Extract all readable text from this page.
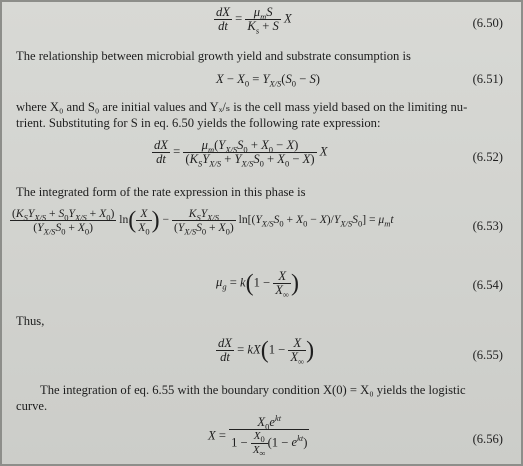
$\frac{dX}{dt} = \frac{\mu_mS}{K_s + S}$ X	(6.50)
The relationship between microbial growth yield and substrate consumption is
$X - X_0 = Y_{X/S}(S_0 - S)$	(6.51)
where X₀ and S₀ are initial values and Yₓ/ₛ is the cell mass yield based on the limiting nu-
trient. Substituting for S in eq. 6.50 yields the following rate expression:
$\frac{dX}{dt} = \frac{\mu_m(Y_{X/S}S_0 + X_0 - X)}{(K_SY_{X/S} + Y_{X/S}S_0 + X_0 - X)}$ X	(6.52)
The integrated form of the rate expression in this phase is
$\frac{(K_SY_{X/S} + S_0Y_{X/S} + X_0)}{(Y_{X/S}S_0 + X_0)} \ln( \frac{X}{X_0}$ ) − $\frac{K_SY_{X/S}}{(Y_{X/S}S_0 + X_0)} \ln[(Y_{X/S}S_0 + X_0 - X)/Y_{X/S}S_0] = \mu_mt$	(6.53)
$\mu_g = k(1 - \frac{X}{X_\infty}$ )	(6.54)
Thus,
$\frac{dX}{dt} = kX(1 - \frac{X}{X_\infty}$ )	(6.55)
The integration of eq. 6.55 with the boundary condition X(0) = X₀ yields the logistic
curve.
$X = \frac{X_0e^{kt}}{1 - \frac{X_0}{X_\infty} (1 - e^{kt})}$	(6.56)
